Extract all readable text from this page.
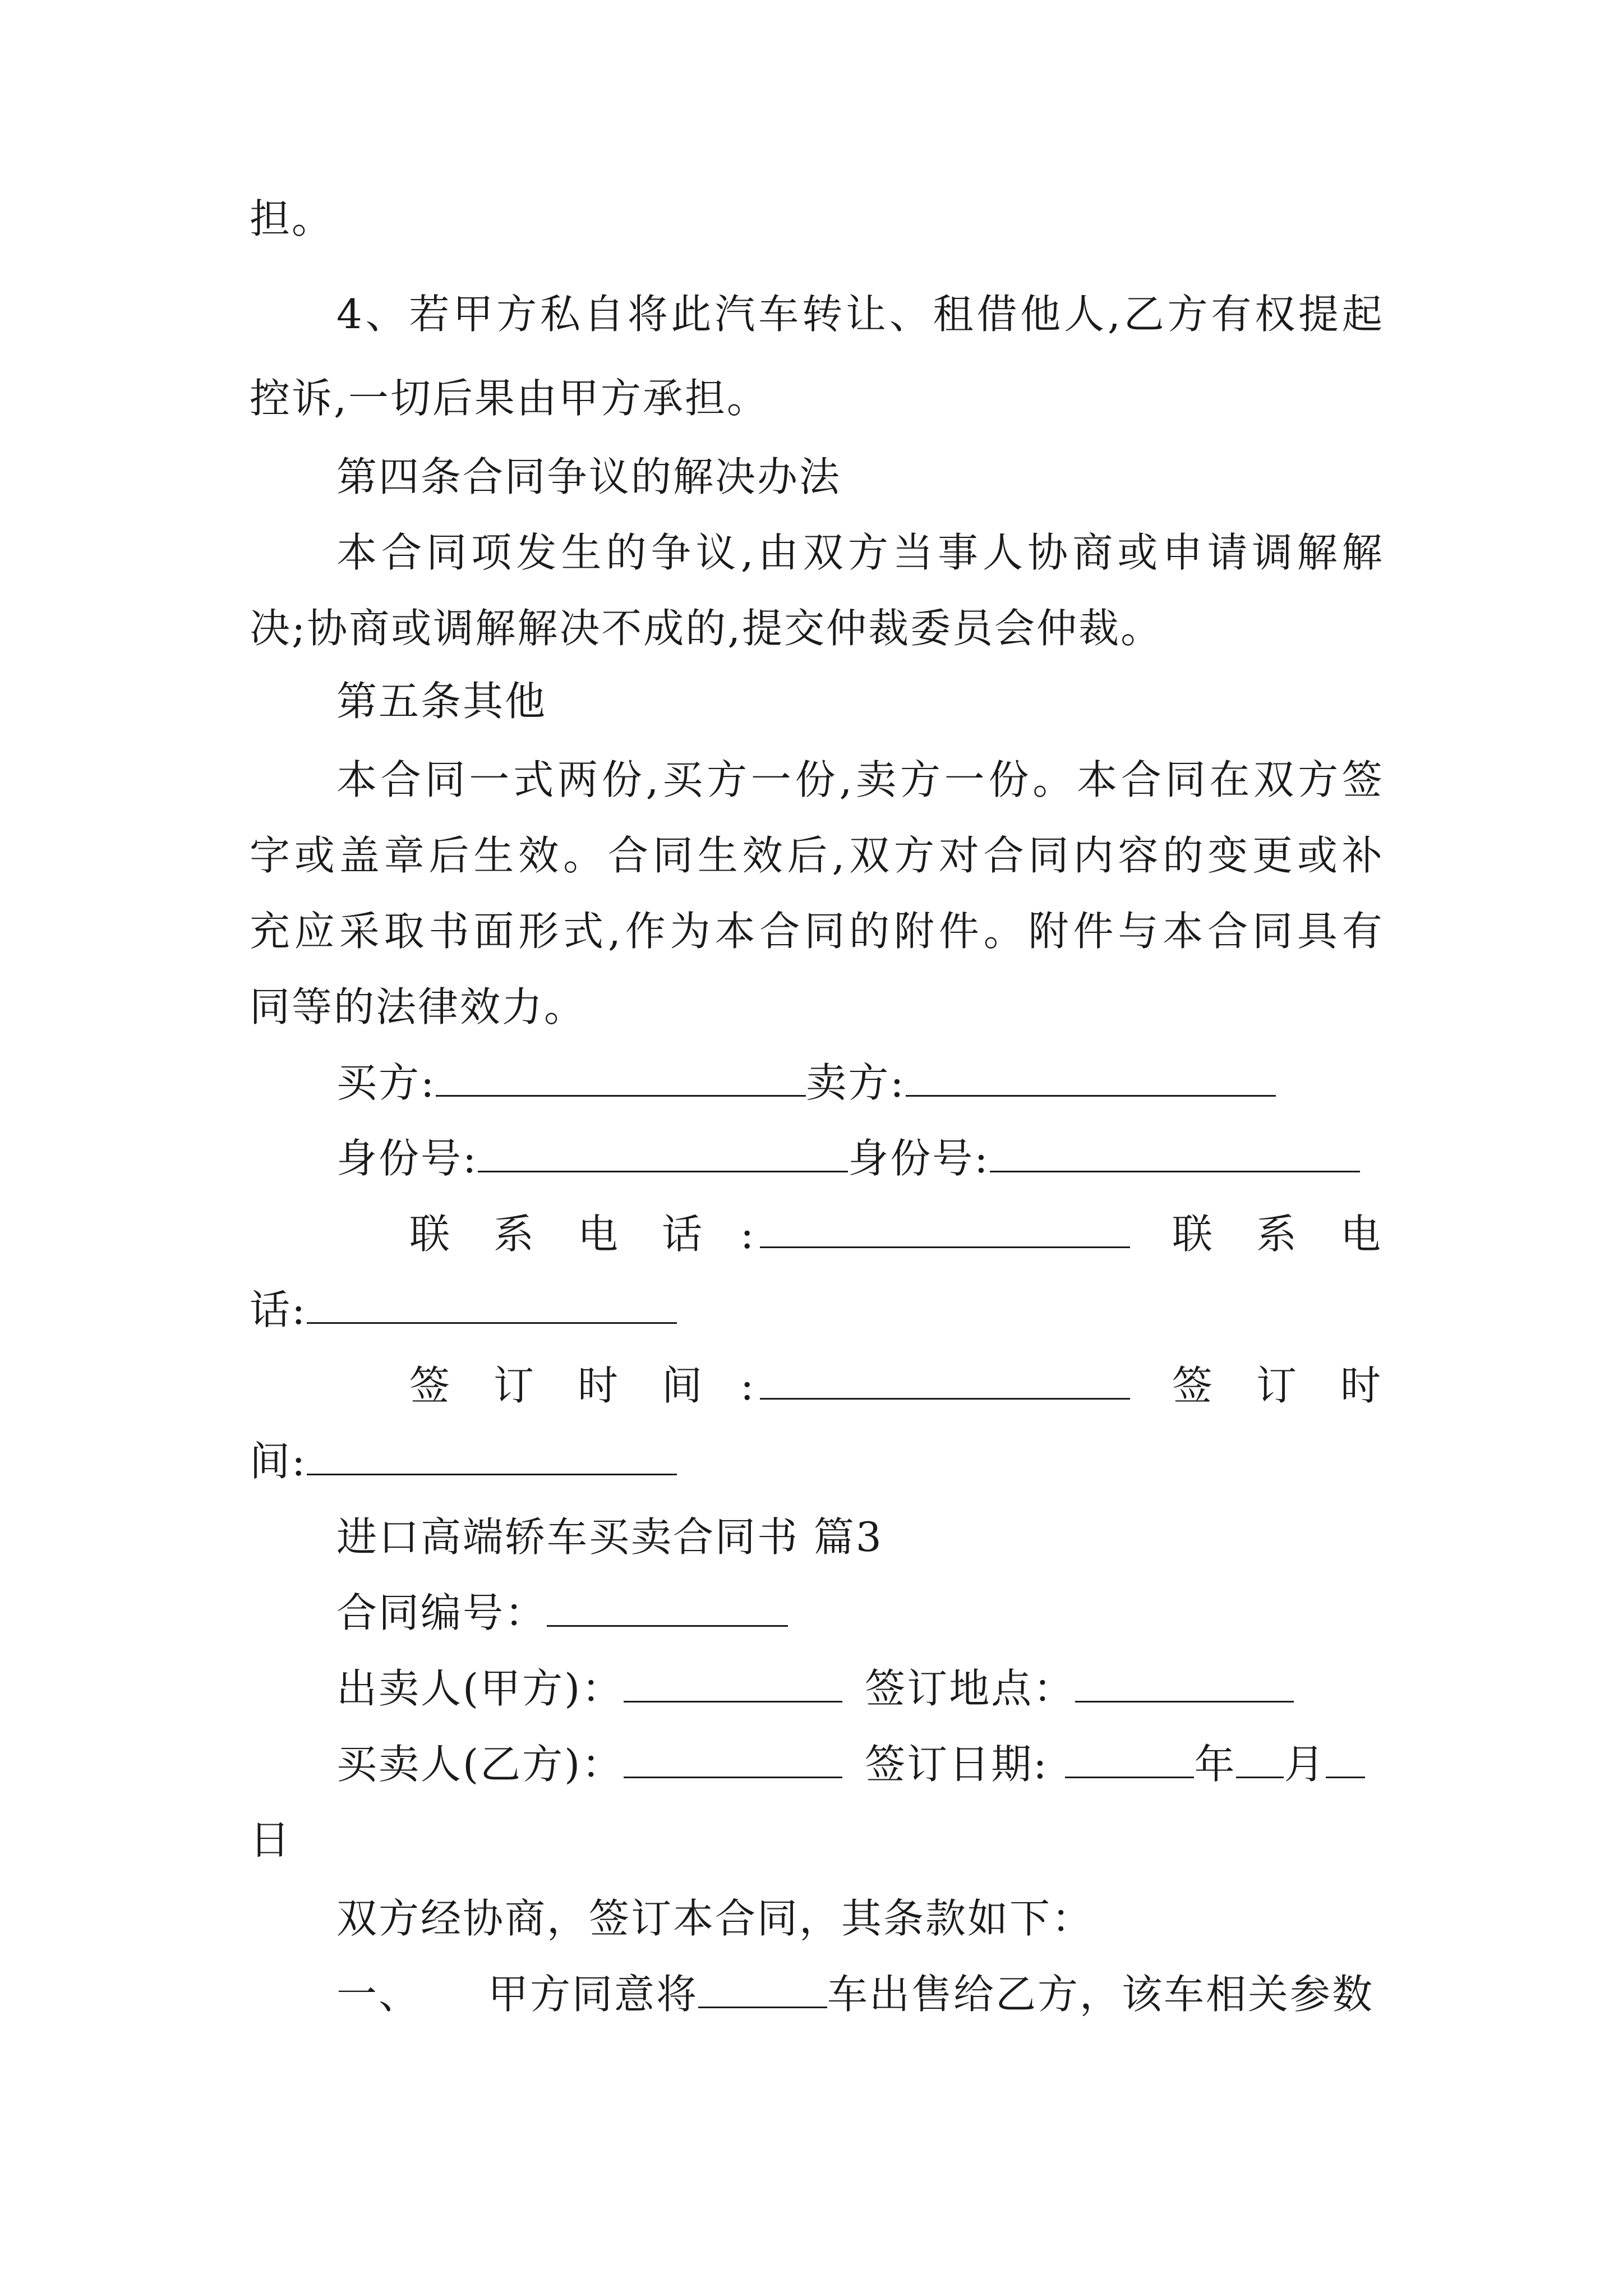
担。
4 、 若 甲 方 私 自 将 此 汽 车 转 让 、 租 借 他 人 , 乙 方 有 权 提 起
控诉,一切后果由甲方承担。
第四条合同争议的解决办法
本 合 同 项 发 生 的 争 议 , 由 双 方 当 事 人 协 商 或 申 请 调 解 解
决;协商或调解解决不成的,提交仲裁委员会仲裁。
第五条其他
本 合 同 一 式 两 份 , 买 方 一 份 , 卖 方 一 份 。 本 合 同 在 双 方 签
字 或 盖 章 后 生 效 。 合 同 生 效 后 , 双 方 对 合 同 内 容 的 变 更 或 补
充 应 采 取 书 面 形 式 , 作 为 本 合 同 的 附 件 。 附 件 与 本 合 同 具 有
同等的法律效力。
买方:	卖方:
身份号:	身份号:
联 系 电 话 :	联 系 电
话:
签 订 时 间 :	签 订 时
间:
进口高端轿车买卖合同书 篇3
合同编号：
出卖人(甲方)：	签订地点：
买卖人(乙方)：	签订日期:	年 月
日
双方经协商，签订本合同，其条款如下：
一、 甲方同意将	车出售给乙方，该车相关参数
